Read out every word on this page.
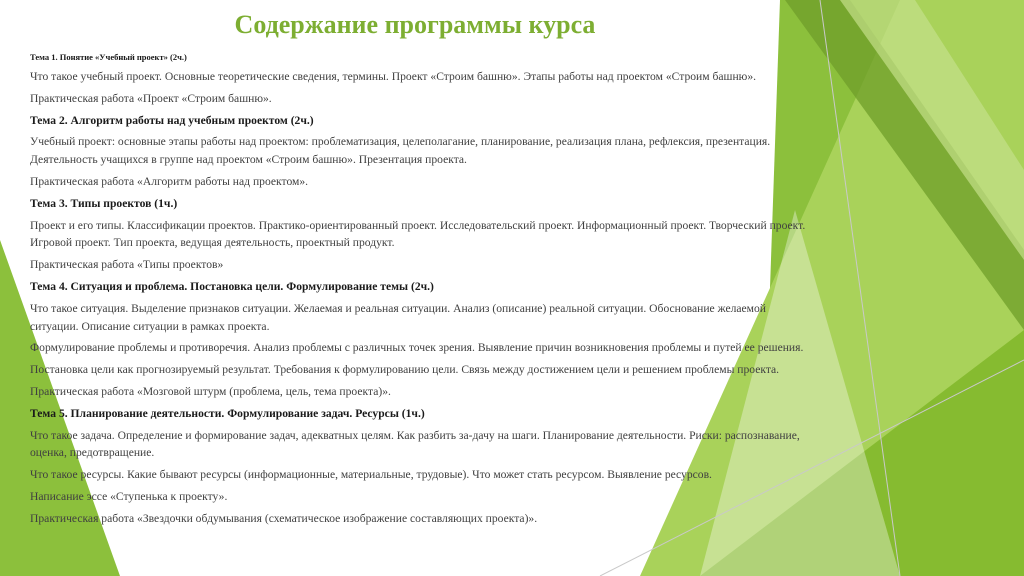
Содержание программы курса
Тема 1. Понятие «Учебный проект» (2ч.)
Что такое учебный проект. Основные теоретические сведения, термины. Проект «Строим башню». Этапы работы над проектом «Строим башню».
Практическая работа «Проект «Строим башню».
Тема 2. Алгоритм работы над учебным проектом (2ч.)
Учебный проект: основные этапы работы над проектом: проблематизация, целеполагание, планирование, реализация плана, рефлексия, презентация.
Деятельность учащихся в группе над проектом «Строим башню». Презентация проекта.
Практическая работа «Алгоритм работы над проектом».
Тема 3. Типы проектов (1ч.)
Проект и его типы. Классификации проектов. Практико-ориентированный проект. Исследовательский проект. Информационный проект. Творческий проект.
Игровой проект. Тип проекта, ведущая деятельность, проектный продукт.
Практическая работа «Типы проектов»
Тема 4. Ситуация и проблема. Постановка цели. Формулирование темы (2ч.)
Что такое ситуация. Выделение признаков ситуации. Желаемая и реальная ситуации. Анализ (описание) реальной ситуации. Обоснование желаемой
ситуации. Описание ситуации в рамках проекта.
Формулирование проблемы и противоречия. Анализ проблемы с различных точек зрения. Выявление причин возникновения проблемы и путей ее решения.
Постановка цели как прогнозируемый результат. Требования к формулированию цели. Связь между достижением цели и решением проблемы проекта.
Практическая работа «Мозговой штурм (проблема, цель, тема проекта)».
Тема 5. Планирование деятельности. Формулирование задач. Ресурсы (1ч.)
Что такое задача. Определение и формирование задач, адекватных целям. Как разбить за-дачу на шаги. Планирование деятельности. Риски: распознавание,
оценка, предотвращение.
Что такое ресурсы. Какие бывают ресурсы (информационные, материальные, трудовые). Что может стать ресурсом. Выявление ресурсов.
Написание эссе «Ступенька к проекту».
Практическая работа «Звездочки обдумывания (схематическое изображение составляющих проекта)».
